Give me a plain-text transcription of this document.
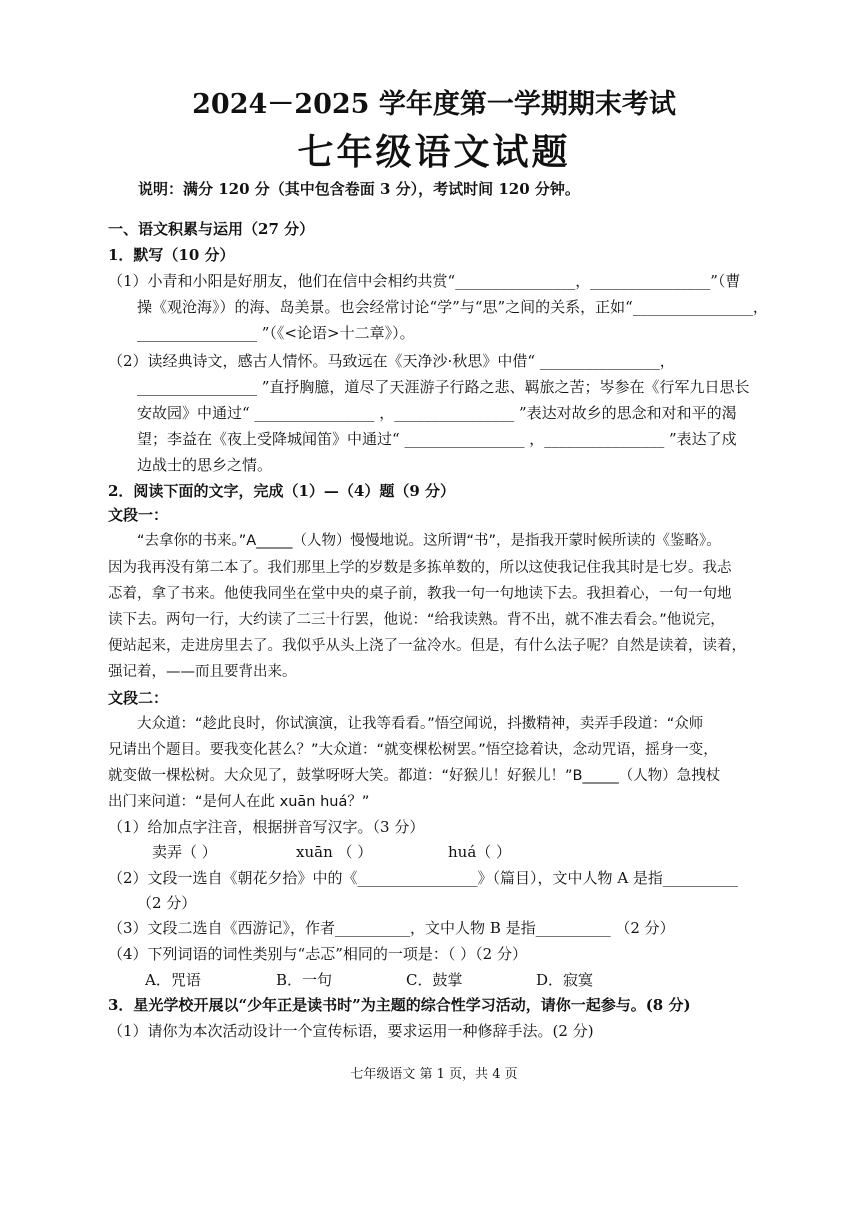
2024－2025 学年度第一学期期末考试
七年级语文试题
说明：满分 120 分（其中包含卷面 3 分），考试时间 120 分钟。
一、语文积累与运用（27 分）
1．默写（10 分）
（1）小青和小阳是好朋友，他们在信中会相约共赏“________________，________________”（曹
操《观沧海》）的海、岛美景。也会经常讨论“学”与“思”之间的关系，正如“________________，
________________ ”（《<论语>十二章》）。
（2）读经典诗文，感古人情怀。马致远在《天净沙·秋思》中借“ ________________，
________________ ”直抒胸臆，道尽了天涯游子行路之悲、羁旅之苦；岑参在《行军九日思长
安故园》中通过“ ________________ ，________________ ”表达对故乡的思念和对和平的渴
望；李益在《夜上受降城闻笛》中通过“ ________________ ，________________ ”表达了戍
边战士的思乡之情。
2．阅读下面的文字，完成（1）—（4）题（9 分）
文段一：
“去拿你的书来。”A_____（人物）慢慢地说。这所谓“书”，是指我开蒙时候所读的《鉴略》。
因为我再没有第二本了。我们那里上学的岁数是多拣单数的，所以这使我记住我其时是七岁。我忐
忑着，拿了书来。他使我同坐在堂中央的桌子前，教我一句一句地读下去。我担着心，一句一句地
读下去。两句一行，大约读了二三十行罢，他说：“给我读熟。背不出，就不准去看会。”他说完，
便站起来，走进房里去了。我似乎从头上浇了一盆冷水。但是，有什么法子呢？自然是读着，读着，
强记着，——而且要背出来。
文段二：
大众道：“趁此良时，你试演演，让我等看看。”悟空闻说，抖擞精神，卖弄手段道：“众师
兄请出个题目。要我变化甚么？”大众道：“就变棵松树罢。”悟空捻着诀，念动咒语，摇身一变，
就变做一棵松树。大众见了，鼓掌呀呀大笑。都道：“好猴儿！好猴儿！”B_____（人物）急拽杖
出门来问道：“是何人在此 xuān huá？”
（1）给加点字注音，根据拼音写汉字。（3 分）
卖弄（ ）	xuān （ ）	huá（ ）
（2）文段一选自《朝花夕拾》中的《________________》（篇目），文中人物 A 是指__________
（2 分）
（3）文段二选自《西游记》，作者__________，文中人物 B 是指__________ （2 分）
（4）下列词语的词性类别与“忐忑”相同的一项是：（ ）（2 分）
A．咒语	B．一句	C．鼓掌	D．寂寞
3．星光学校开展以“少年正是读书时”为主题的综合性学习活动，请你一起参与。(8 分)
（1）请你为本次活动设计一个宣传标语，要求运用一种修辞手法。(2 分)
七年级语文 第 1 页，共 4 页
